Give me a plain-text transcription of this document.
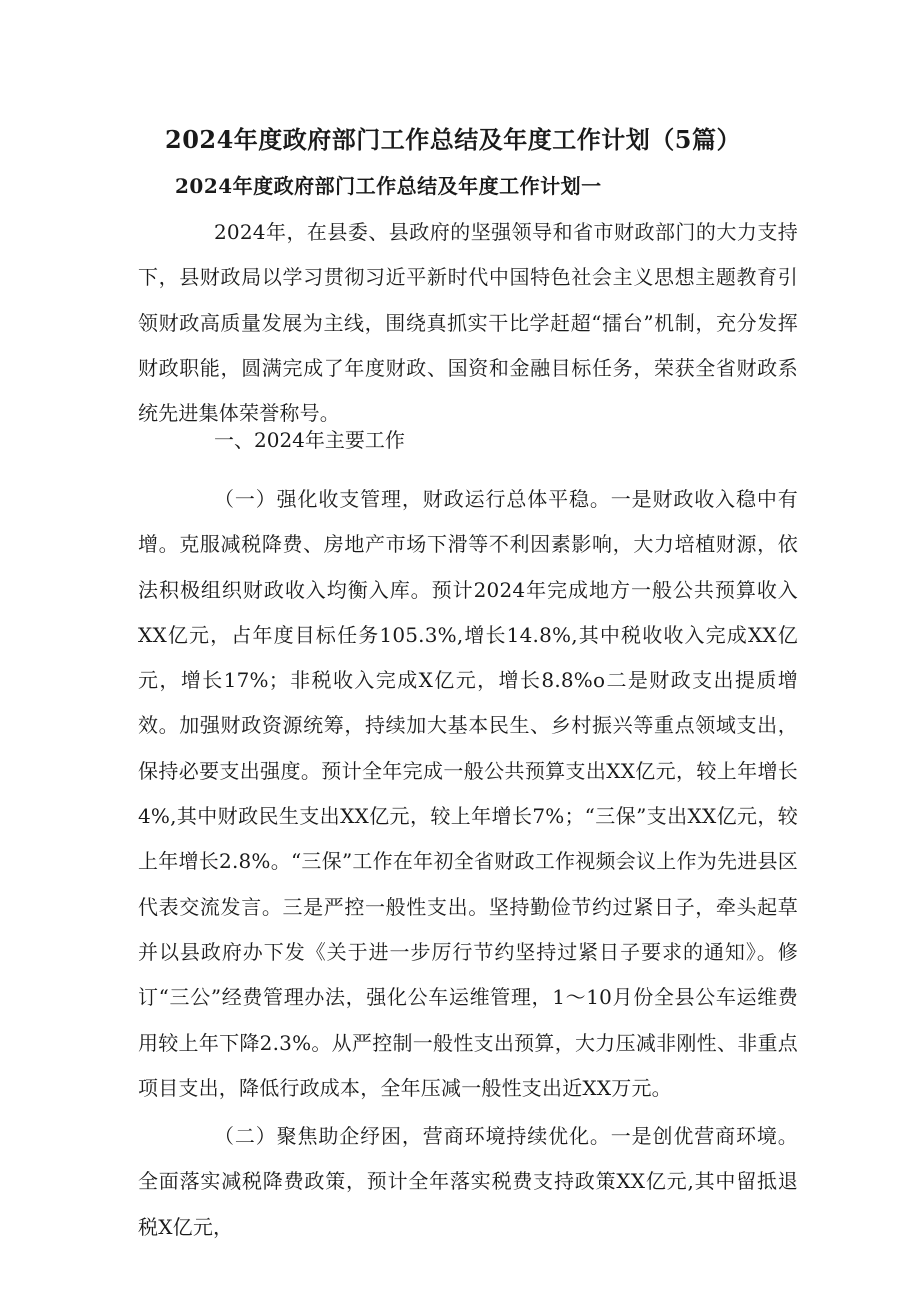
2024年度政府部门工作总结及年度工作计划（5篇）
2024年度政府部门工作总结及年度工作计划一

2024年，在县委、县政府的坚强领导和省市财政部门的大力支持下，县财政局以学习贯彻习近平新时代中国特色社会主义思想主题教育引领财政高质量发展为主线，围绕真抓实干比学赶超“擂台”机制，充分发挥财政职能，圆满完成了年度财政、国资和金融目标任务，荣获全省财政系统先进集体荣誉称号。

一、2024年主要工作

（一）强化收支管理，财政运行总体平稳。一是财政收入稳中有增。克服减税降费、房地产市场下滑等不利因素影响，大力培植财源，依法积极组织财政收入均衡入库。预计2024年完成地方一般公共预算收入XX亿元，占年度目标任务105.3%,增长14.8%,其中税收收入完成XX亿元，增长17%；非税收入完成X亿元，增长8.8%o二是财政支出提质增效。加强财政资源统筹，持续加大基本民生、乡村振兴等重点领域支出，保持必要支出强度。预计全年完成一般公共预算支出XX亿元，较上年增长4%,其中财政民生支出XX亿元，较上年增长7%；“三保”支出XX亿元，较上年增长2.8%。“三保”工作在年初全省财政工作视频会议上作为先进县区代表交流发言。三是严控一般性支出。坚持勤俭节约过紧日子，牵头起草并以县政府办下发《关于进一步厉行节约坚持过紧日子要求的通知》。修订“三公”经费管理办法，强化公车运维管理，1〜10月份全县公车运维费用较上年下降2.3%。从严控制一般性支出预算，大力压减非刚性、非重点项目支出，降低行政成本，全年压减一般性支出近XX万元。

（二）聚焦助企纾困，营商环境持续优化。一是创优营商环境。全面落实减税降费政策，预计全年落实税费支持政策XX亿元,其中留抵退税X亿元，
